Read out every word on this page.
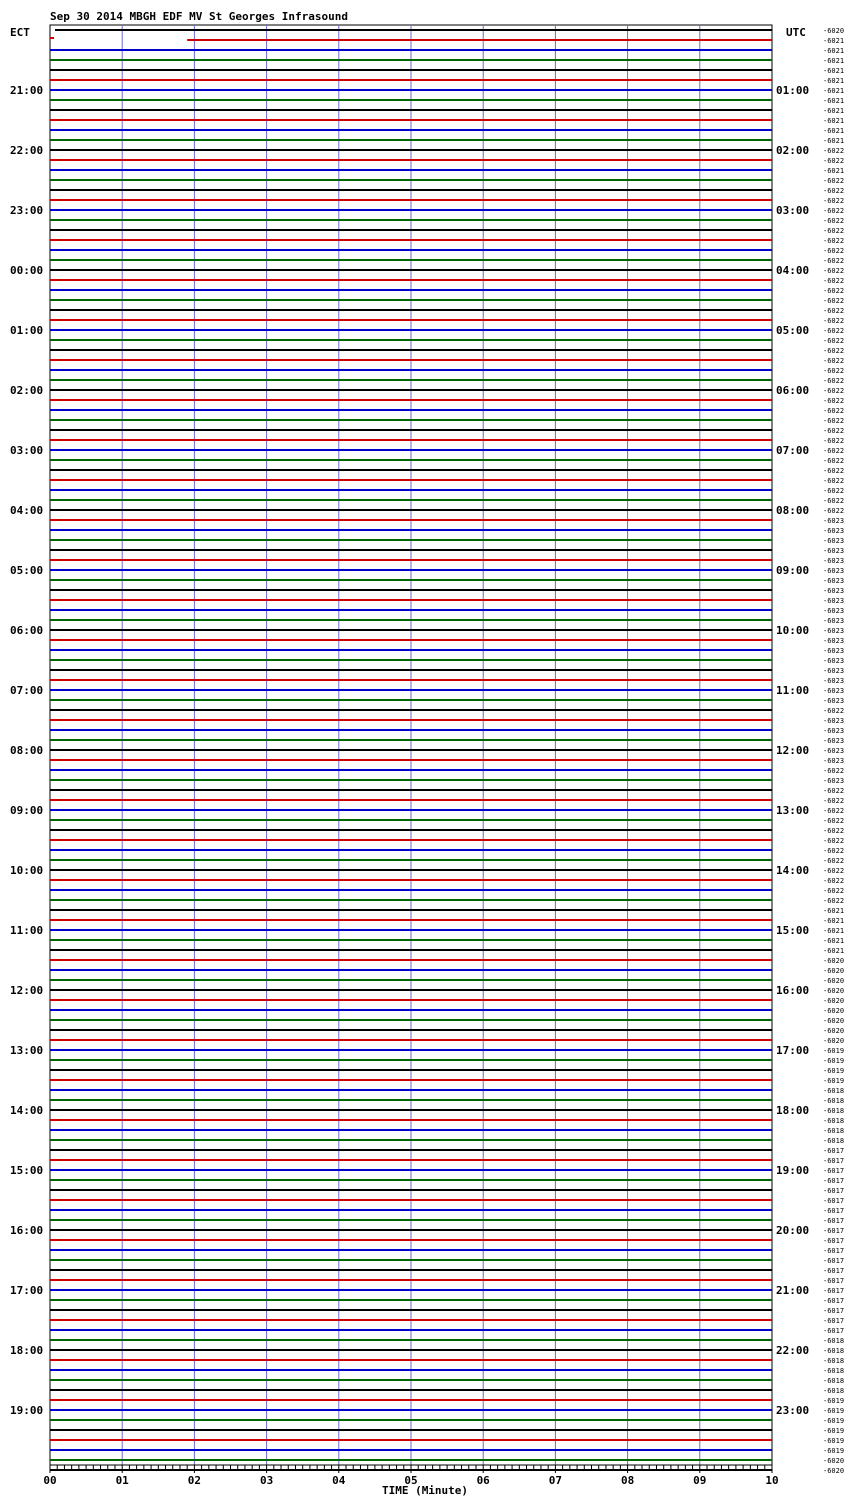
Sep 30 2014 MBGH EDF MV St Georges Infrasound
ECT	UTC
21:00
22:00
23:00
00:00
01:00
02:00
03:00
04:00
05:00
06:00
07:00
08:00
09:00
10:00
11:00
12:00
13:00
14:00
15:00
16:00
17:00
18:00
19:00
01:00
02:00
03:00
04:00
05:00
06:00
07:00
08:00
09:00
10:00
11:00
12:00
13:00
14:00
15:00
16:00
17:00
18:00
19:00
20:00
21:00
22:00
23:00
-6020
-6021
-6021
-6021
-6021
-6021
-6021
-6021
-6021
-6021
-6021
-6021
-6022
-6022
-6021
-6022
-6022
-6022
-6022
-6022
-6022
-6022
-6022
-6022
-6022
-6022
-6022
-6022
-6022
-6022
-6022
-6022
-6022
-6022
-6022
-6022
-6022
-6022
-6022
-6022
-6022
-6022
-6022
-6022
-6022
-6022
-6022
-6022
-6022
-6023
-6023
-6023
-6023
-6023
-6023
-6023
-6023
-6023
-6023
-6023
-6023
-6023
-6023
-6023
-6023
-6023
-6023
-6023
-6022
-6023
-6023
-6023
-6023
-6023
-6022
-6023
-6022
-6022
-6022
-6022
-6022
-6022
-6022
-6022
-6022
-6022
-6022
-6022
-6021
-6021
-6021
-6021
-6021
-6020
-6020
-6020
-6020
-6020
-6020
-6020
-6020
-6020
-6019
-6019
-6019
-6019
-6018
-6018
-6018
-6018
-6018
-6018
-6017
-6017
-6017
-6017
-6017
-6017
-6017
-6017
-6017
-6017
-6017
-6017
-6017
-6017
-6017
-6017
-6017
-6017
-6017
-6018
-6018
-6018
-6018
-6018
-6018
-6019
-6019
-6019
-6019
-6019
-6019
-6020
-6020
00	01	02	03	04	05	06	07	08	09	10
TIME (Minute)
